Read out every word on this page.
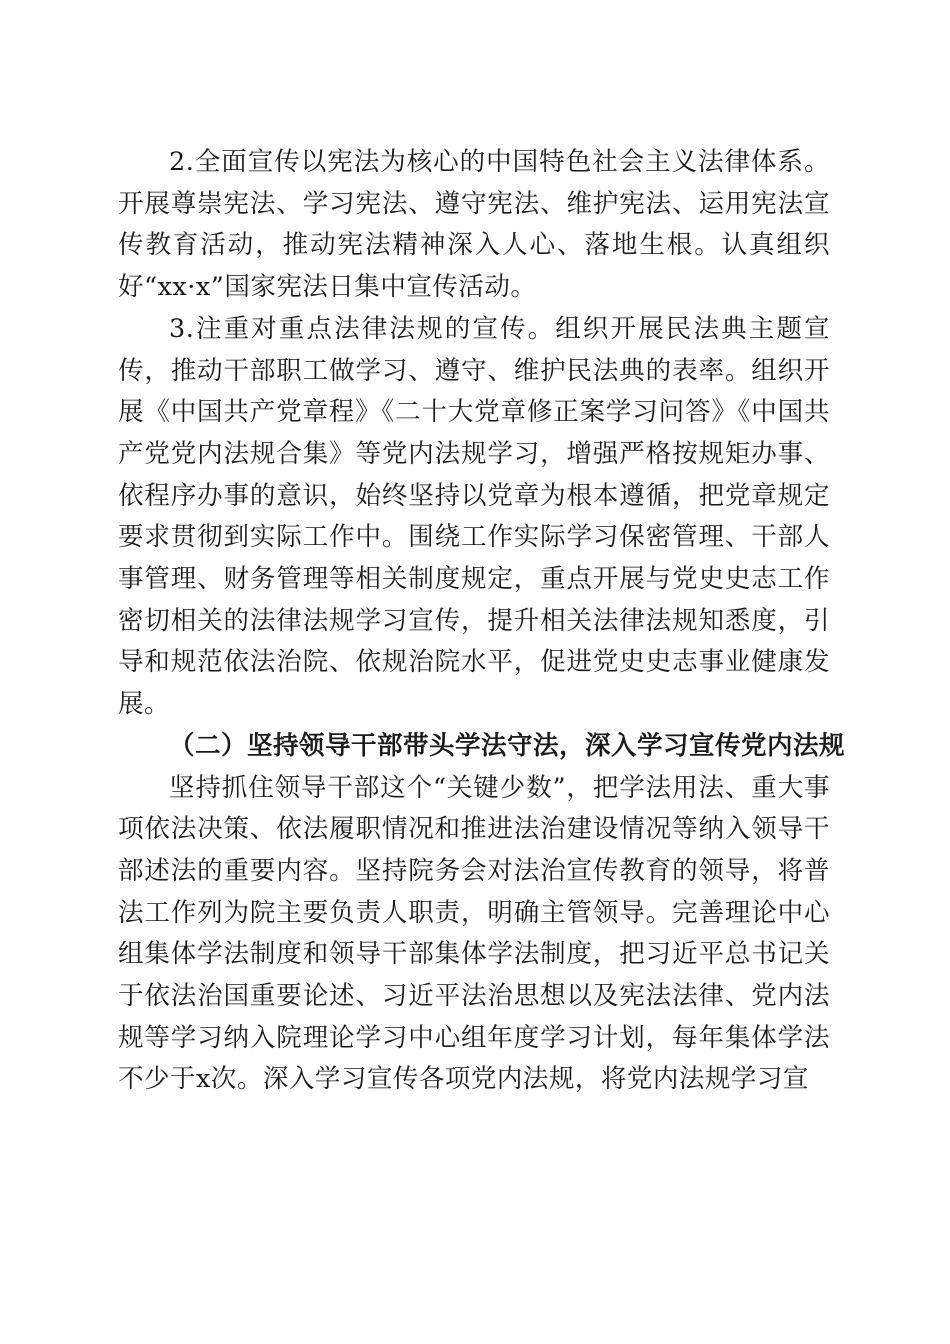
2.全面宣传以宪法为核心的中国特色社会主义法律体系。开展尊崇宪法、学习宪法、遵守宪法、维护宪法、运用宪法宣传教育活动，推动宪法精神深入人心、落地生根。认真组织好“xx·x”国家宪法日集中宣传活动。

3.注重对重点法律法规的宣传。组织开展民法典主题宣传，推动干部职工做学习、遵守、维护民法典的表率。组织开展《中国共产党章程》《二十大党章修正案学习问答》《中国共产党党内法规合集》等党内法规学习，增强严格按规矩办事、依程序办事的意识，始终坚持以党章为根本遵循，把党章规定要求贯彻到实际工作中。围绕工作实际学习保密管理、干部人事管理、财务管理等相关制度规定，重点开展与党史史志工作密切相关的法律法规学习宣传，提升相关法律法规知悉度，引导和规范依法治院、依规治院水平，促进党史史志事业健康发展。

（二）坚持领导干部带头学法守法，深入学习宣传党内法规

坚持抓住领导干部这个“关键少数”，把学法用法、重大事项依法决策、依法履职情况和推进法治建设情况等纳入领导干部述法的重要内容。坚持院务会对法治宣传教育的领导，将普法工作列为院主要负责人职责，明确主管领导。完善理论中心组集体学法制度和领导干部集体学法制度，把习近平总书记关于依法治国重要论述、习近平法治思想以及宪法法律、党内法规等学习纳入院理论学习中心组年度学习计划，每年集体学法不少于x次。深入学习宣传各项党内法规，将党内法规学习宣
